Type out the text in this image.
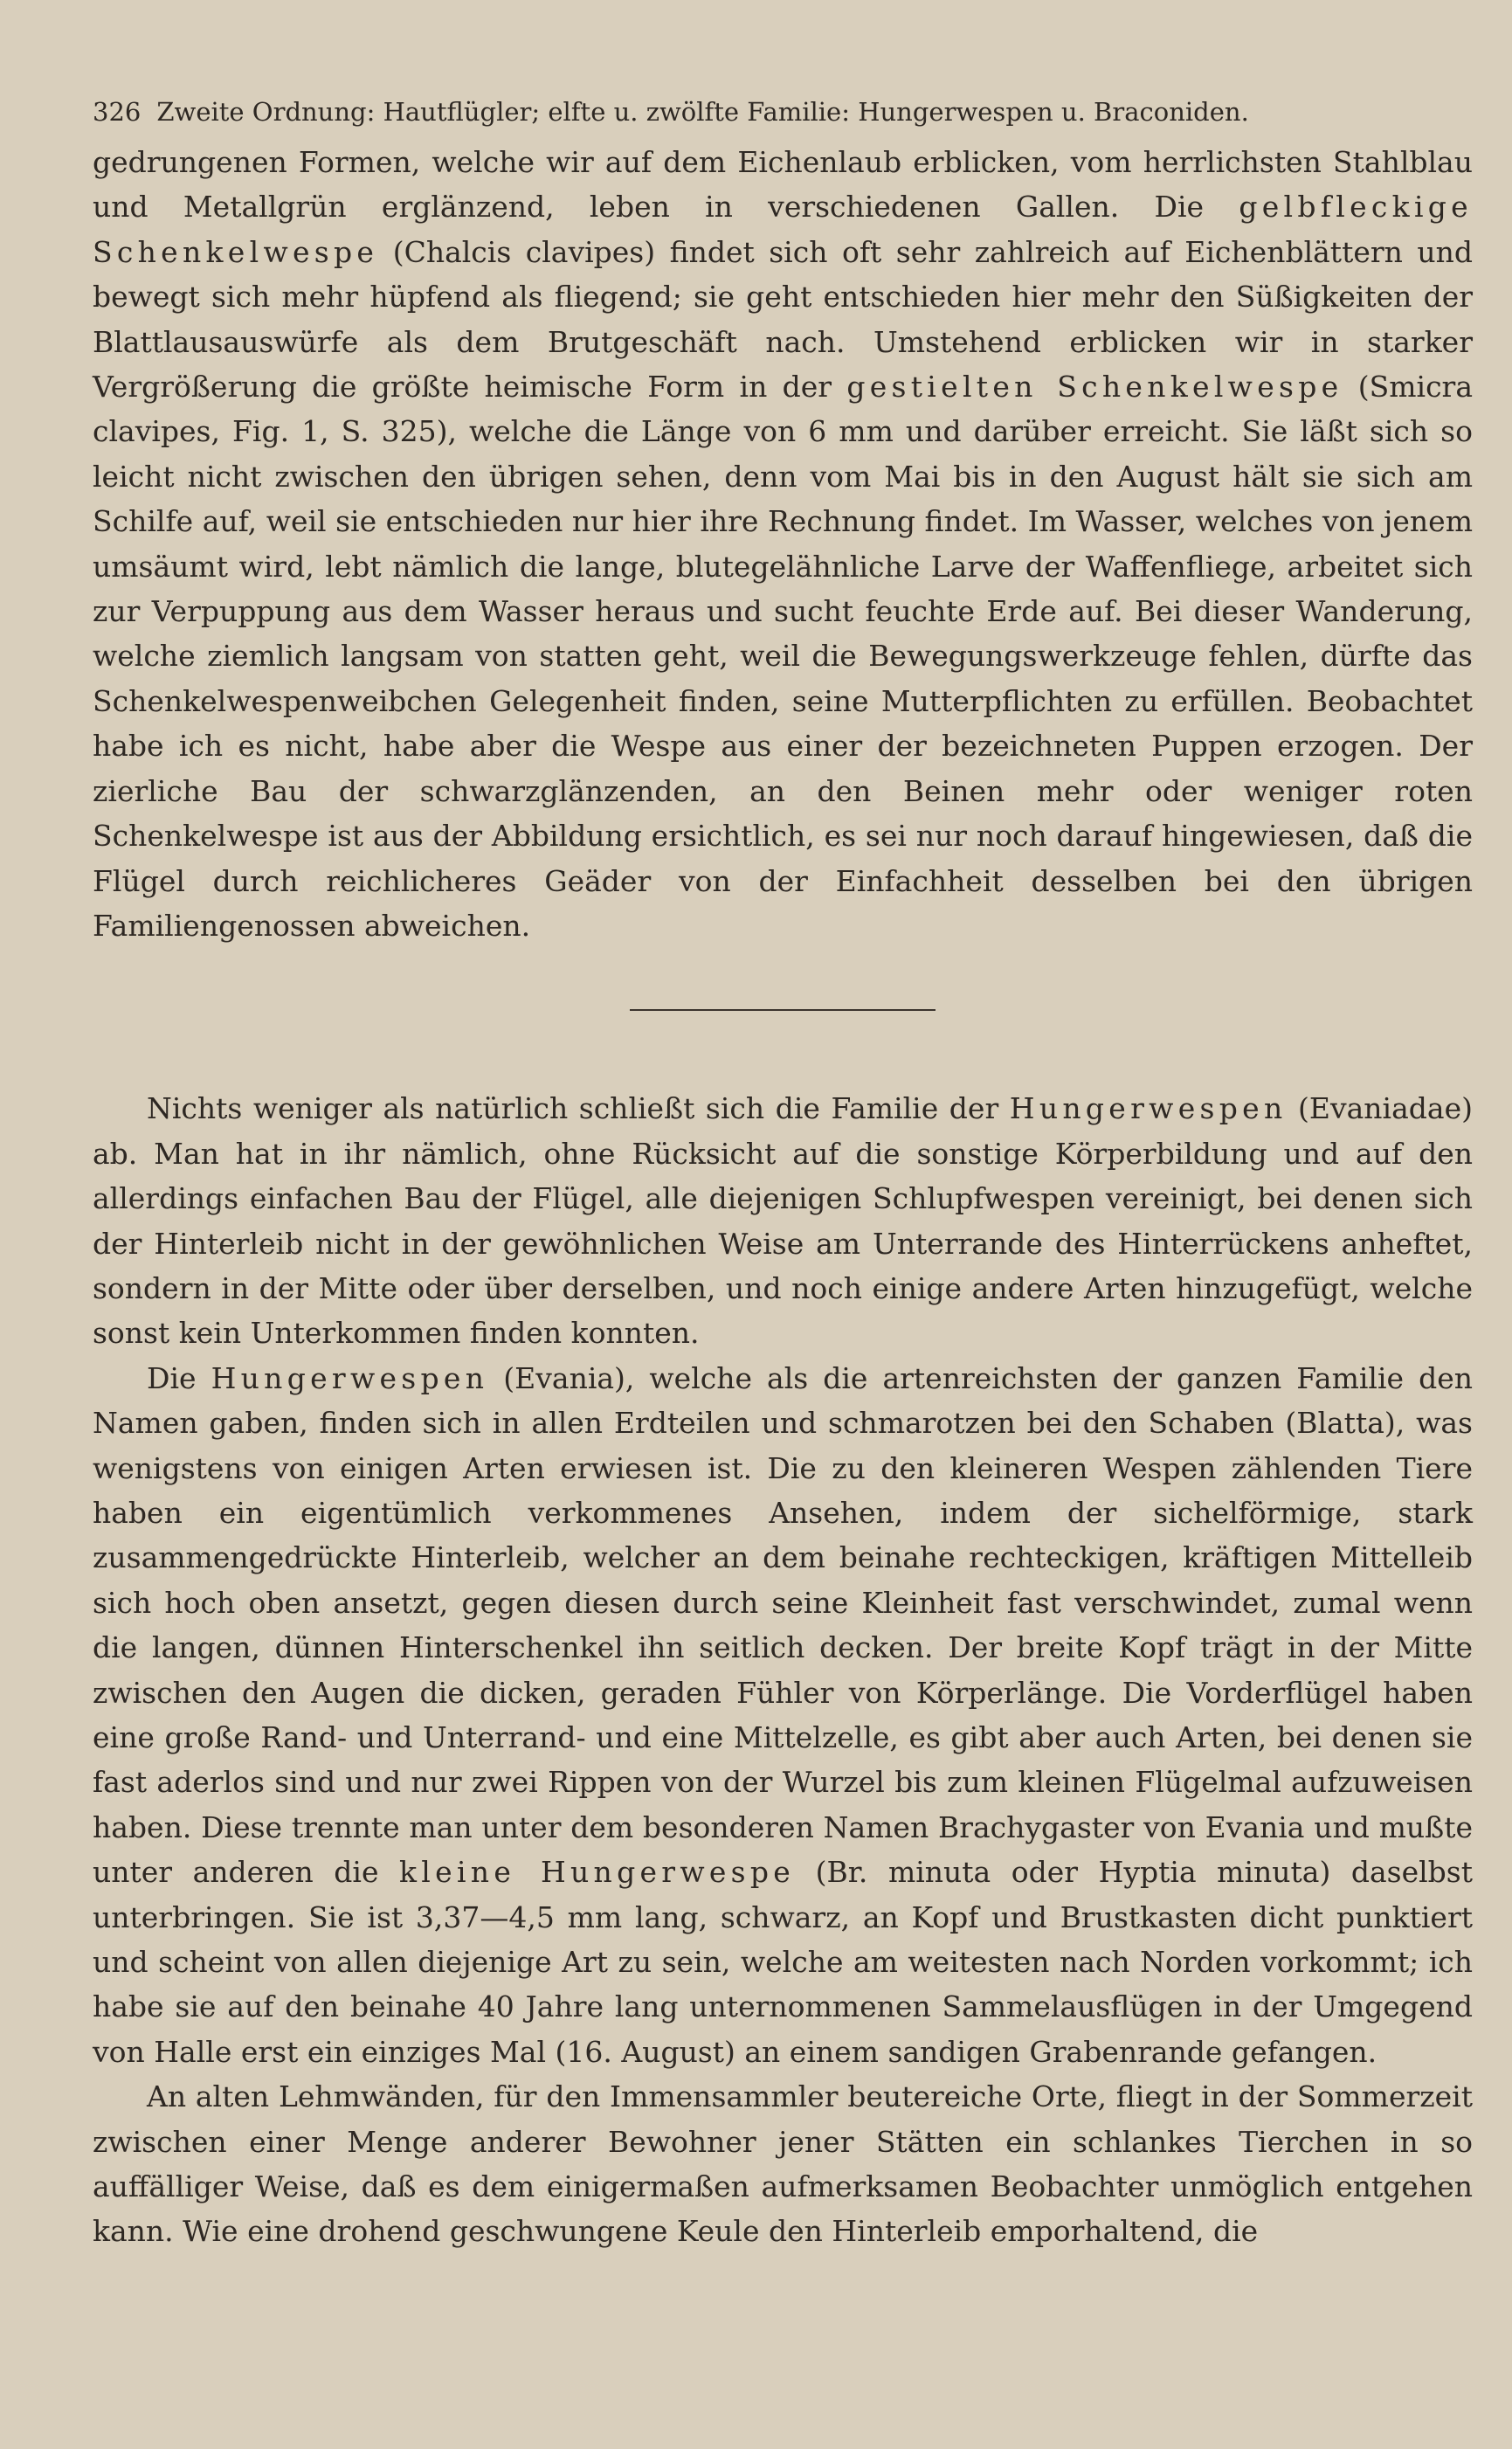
326 Zweite Ordnung: Hautflügler; elfte u. zwölfte Familie: Hungerwespen u. Braconiden.

gedrungenen Formen, welche wir auf dem Eichenlaub erblicken, vom herrlichsten Stahlblau und Metallgrün erglänzend, leben in verschiedenen Gallen. Die gelbfleckige Schenkelwespe (Chalcis clavipes) findet sich oft sehr zahlreich auf Eichenblättern und bewegt sich mehr hüpfend als fliegend; sie geht entschieden hier mehr den Süßigkeiten der Blattlausauswürfe als dem Brutgeschäft nach. Umstehend erblicken wir in starker Vergrößerung die größte heimische Form in der gestielten Schenkelwespe (Smicra clavipes, Fig. 1, S. 325), welche die Länge von 6 mm und darüber erreicht. Sie läßt sich so leicht nicht zwischen den übrigen sehen, denn vom Mai bis in den August hält sie sich am Schilfe auf, weil sie entschieden nur hier ihre Rechnung findet. Im Wasser, welches von jenem umsäumt wird, lebt nämlich die lange, blutegelähnliche Larve der Waffenfliege, arbeitet sich zur Verpuppung aus dem Wasser heraus und sucht feuchte Erde auf. Bei dieser Wanderung, welche ziemlich langsam von statten geht, weil die Bewegungswerkzeuge fehlen, dürfte das Schenkelwespenweibchen Gelegenheit finden, seine Mutterpflichten zu erfüllen. Beobachtet habe ich es nicht, habe aber die Wespe aus einer der bezeichneten Puppen erzogen. Der zierliche Bau der schwarzglänzenden, an den Beinen mehr oder weniger roten Schenkelwespe ist aus der Abbildung ersichtlich, es sei nur noch darauf hingewiesen, daß die Flügel durch reichlicheres Geäder von der Einfachheit desselben bei den übrigen Familiengenossen abweichen.

Nichts weniger als natürlich schließt sich die Familie der Hungerwespen (Evaniadae) ab. Man hat in ihr nämlich, ohne Rücksicht auf die sonstige Körperbildung und auf den allerdings einfachen Bau der Flügel, alle diejenigen Schlupfwespen vereinigt, bei denen sich der Hinterleib nicht in der gewöhnlichen Weise am Unterrande des Hinterrückens anheftet, sondern in der Mitte oder über derselben, und noch einige andere Arten hinzugefügt, welche sonst kein Unterkommen finden konnten.

Die Hungerwespen (Evania), welche als die artenreichsten der ganzen Familie den Namen gaben, finden sich in allen Erdteilen und schmarotzen bei den Schaben (Blatta), was wenigstens von einigen Arten erwiesen ist. Die zu den kleineren Wespen zählenden Tiere haben ein eigentümlich verkommenes Ansehen, indem der sichelförmige, stark zusammengedrückte Hinterleib, welcher an dem beinahe rechteckigen, kräftigen Mittelleib sich hoch oben ansetzt, gegen diesen durch seine Kleinheit fast verschwindet, zumal wenn die langen, dünnen Hinterschenkel ihn seitlich decken. Der breite Kopf trägt in der Mitte zwischen den Augen die dicken, geraden Fühler von Körperlänge. Die Vorderflügel haben eine große Rand- und Unterrand- und eine Mittelzelle, es gibt aber auch Arten, bei denen sie fast aderlos sind und nur zwei Rippen von der Wurzel bis zum kleinen Flügelmal aufzuweisen haben. Diese trennte man unter dem besonderen Namen Brachygaster von Evania und mußte unter anderen die kleine Hungerwespe (Br. minuta oder Hyptia minuta) daselbst unterbringen. Sie ist 3,37—4,5 mm lang, schwarz, an Kopf und Brustkasten dicht punktiert und scheint von allen diejenige Art zu sein, welche am weitesten nach Norden vorkommt; ich habe sie auf den beinahe 40 Jahre lang unternommenen Sammelausflügen in der Umgegend von Halle erst ein einziges Mal (16. August) an einem sandigen Grabenrande gefangen.

An alten Lehmwänden, für den Immensammler beutereiche Orte, fliegt in der Sommerzeit zwischen einer Menge anderer Bewohner jener Stätten ein schlankes Tierchen in so auffälliger Weise, daß es dem einigermaßen aufmerksamen Beobachter unmöglich entgehen kann. Wie eine drohend geschwungene Keule den Hinterleib emporhaltend, die
